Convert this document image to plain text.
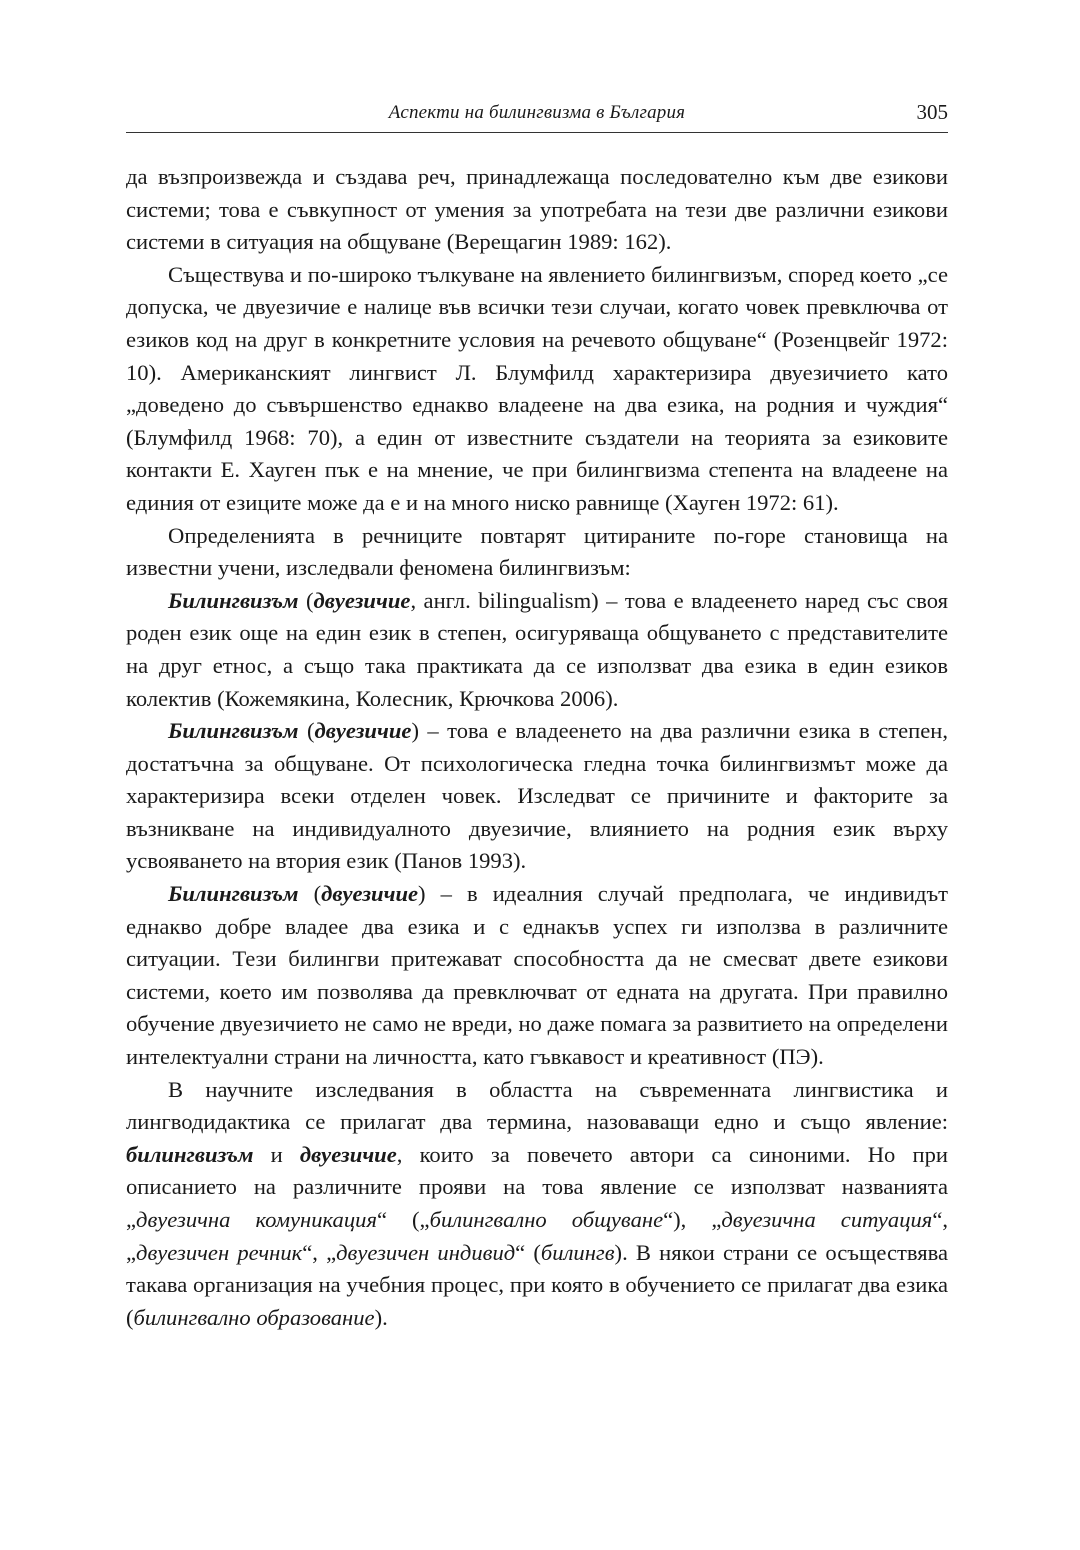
Аспекти на билингвизма в България	305

да възпроизвежда и създава реч, принадлежаща последователно към две езикови системи; това е съвкупност от умения за употребата на тези две различни езикови системи в ситуация на общуване (Верещагин 1989: 162).

Съществува и по-широко тълкуване на явлението билингвизъм, според което „се допуска, че двуезичие е налице във всички тези случаи, когато човек превключва от езиков код на друг в конкретните условия на речевото общуване“ (Розенцвейг 1972: 10). Американският лингвист Л. Блумфилд характеризира двуезичието като „доведено до съвършенство еднакво владеене на два езика, на родния и чуждия“ (Блумфилд 1968: 70), а един от известните създатели на теорията за езиковите контакти Е. Хауген пък е на мнение, че при билингвизма степента на владеене на единия от езиците може да е и на много ниско равнище (Хауген 1972: 61).

Определенията в речниците повтарят цитираните по-горе становища на известни учени, изследвали феномена билингвизъм:

Билингвизъм (двуезичие, англ. bilingualism) – това е владеенето наред със своя роден език още на един език в степен, осигуряваща общуването с представителите на друг етнос, а също така практиката да се използват два езика в един езиков колектив (Кожемякина, Колесник, Крючкова 2006).

Билингвизъм (двуезичие) – това е владеенето на два различни езика в степен, достатъчна за общуване. От психологическа гледна точка билингвизмът може да характеризира всеки отделен човек. Изследват се причините и факторите за възникване на индивидуалното двуезичие, влиянието на родния език върху усвояването на втория език (Панов 1993).

Билингвизъм (двуезичие) – в идеалния случай предполага, че индивидът еднакво добре владее два езика и с еднакъв успех ги използва в различните ситуации. Тези билингви притежават способността да не смесват двете езикови системи, което им позволява да превключват от едната на другата. При правилно обучение двуезичието не само не вреди, но даже помага за развитието на определени интелектуални страни на личността, като гъвкавост и креативност (ПЭ).

В научните изследвания в областта на съвременната лингвистика и лингводидактика се прилагат два термина, назоваващи едно и също явление: билингвизъм и двуезичие, които за повечето автори са синоними. Но при описанието на различните прояви на това явление се използват названията „двуезична комуникация“ („билингвално общуване“), „двуезична ситуация“, „двуезичен речник“, „двуезичен индивид“ (билингв). В някои страни се осъществява такава организация на учебния процес, при която в обучението се прилагат два езика (билингвално образование).
